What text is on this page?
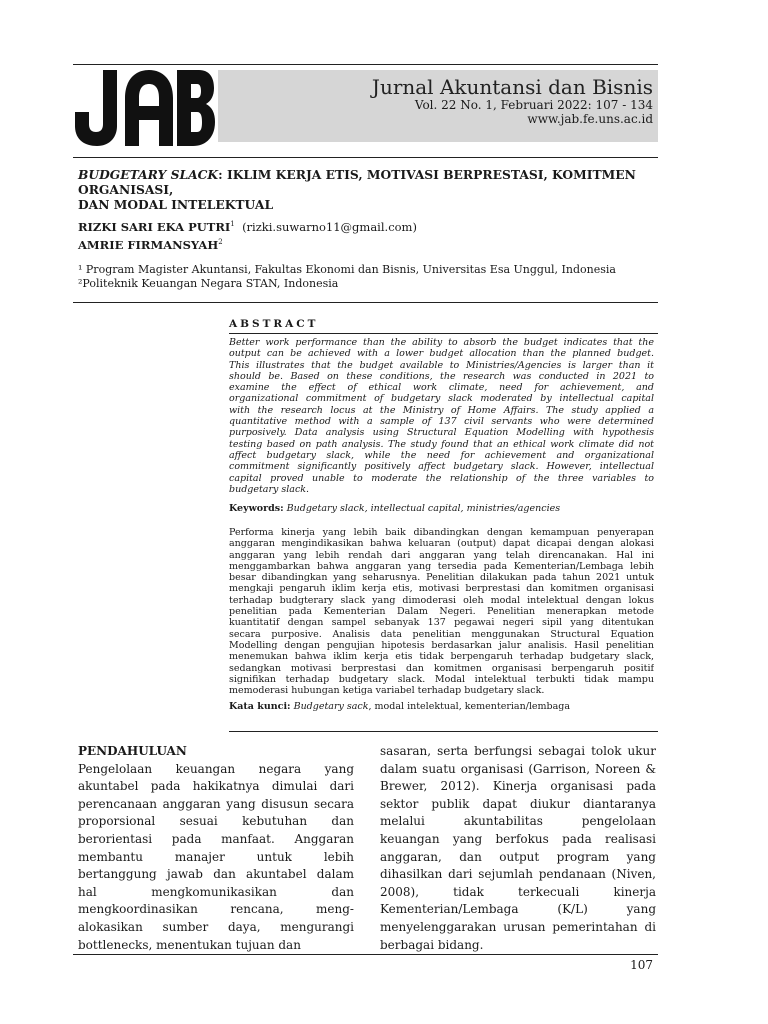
Jurnal Akuntansi dan Bisnis
Vol. 22 No. 1, Februari 2022: 107 - 134
www.jab.fe.uns.ac.id
BUDGETARY SLACK: IKLIM KERJA ETIS, MOTIVASI BERPRESTASI, KOMITMEN ORGANISASI,
DAN MODAL INTELEKTUAL
RIZKI SARI EKA PUTRI$^1$ (rizki.suwarno11@gmail.com)
AMRIE FIRMANSYAH$^2$
¹ Program Magister Akuntansi, Fakultas Ekonomi dan Bisnis, Universitas Esa Unggul, Indonesia
²Politeknik Keuangan Negara STAN, Indonesia
ABSTRACT
Better work performance than the ability to absorb the budget indicates that the
output can be achieved with a lower budget allocation than the planned budget.
This illustrates that the budget available to Ministries/Agencies is larger than it
should be. Based on these conditions, the research was conducted in 2021 to
examine the effect of ethical work climate, need for achievement, and
organizational commitment of budgetary slack moderated by intellectual capital
with the research locus at the Ministry of Home Affairs. The study applied a
quantitative method with a sample of 137 civil servants who were determined
purposively. Data analysis using Structural Equation Modelling with hypothesis
testing based on path analysis. The study found that an ethical work climate did not
affect budgetary slack, while the need for achievement and organizational
commitment significantly positively affect budgetary slack. However, intellectual
capital proved unable to moderate the relationship of the three variables to
budgetary slack.
Keywords: Budgetary slack, intellectual capital, ministries/agencies
Performa kinerja yang lebih baik dibandingkan dengan kemampuan penyerapan
anggaran mengindikasikan bahwa keluaran (output) dapat dicapai dengan alokasi
anggaran yang lebih rendah dari anggaran yang telah direncanakan. Hal ini
menggambarkan bahwa anggaran yang tersedia pada Kementerian/Lembaga lebih
besar dibandingkan yang seharusnya. Penelitian dilakukan pada tahun 2021 untuk
mengkaji pengaruh iklim kerja etis, motivasi berprestasi dan komitmen organisasi
terhadap budgterary slack yang dimoderasi oleh modal intelektual dengan lokus
penelitian pada Kementerian Dalam Negeri. Penelitian menerapkan metode
kuantitatif dengan sampel sebanyak 137 pegawai negeri sipil yang ditentukan
secara purposive. Analisis data penelitian menggunakan Structural Equation
Modelling dengan pengujian hipotesis berdasarkan jalur analisis. Hasil penelitian
menemukan bahwa iklim kerja etis tidak berpengaruh terhadap budgetary slack,
sedangkan motivasi berprestasi dan komitmen organisasi berpengaruh positif
signifikan terhadap budgetary slack. Modal intelektual terbukti tidak mampu
memoderasi hubungan ketiga variabel terhadap budgetary slack.
Kata kunci: Budgetary sack, modal intelektual, kementerian/lembaga
PENDAHULUAN
Pengelolaan keuangan negara yang
akuntabel pada hakikatnya dimulai dari
perencanaan anggaran yang disusun secara
proporsional sesuai kebutuhan dan
berorientasi pada manfaat. Anggaran
membantu manajer untuk lebih
bertanggung jawab dan akuntabel dalam
hal mengkomunikasikan dan
mengkoordinasikan rencana, meng-
alokasikan sumber daya, mengurangi
bottlenecks, menentukan tujuan dan
sasaran, serta berfungsi sebagai tolok ukur
dalam suatu organisasi (Garrison, Noreen &
Brewer, 2012). Kinerja organisasi pada
sektor publik dapat diukur diantaranya
melalui akuntabilitas pengelolaan
keuangan yang berfokus pada realisasi
anggaran, dan output program yang
dihasilkan dari sejumlah pendanaan (Niven,
2008), tidak terkecuali kinerja
Kementerian/Lembaga (K/L) yang
menyelenggarakan urusan pemerintahan di
berbagai bidang.
107
